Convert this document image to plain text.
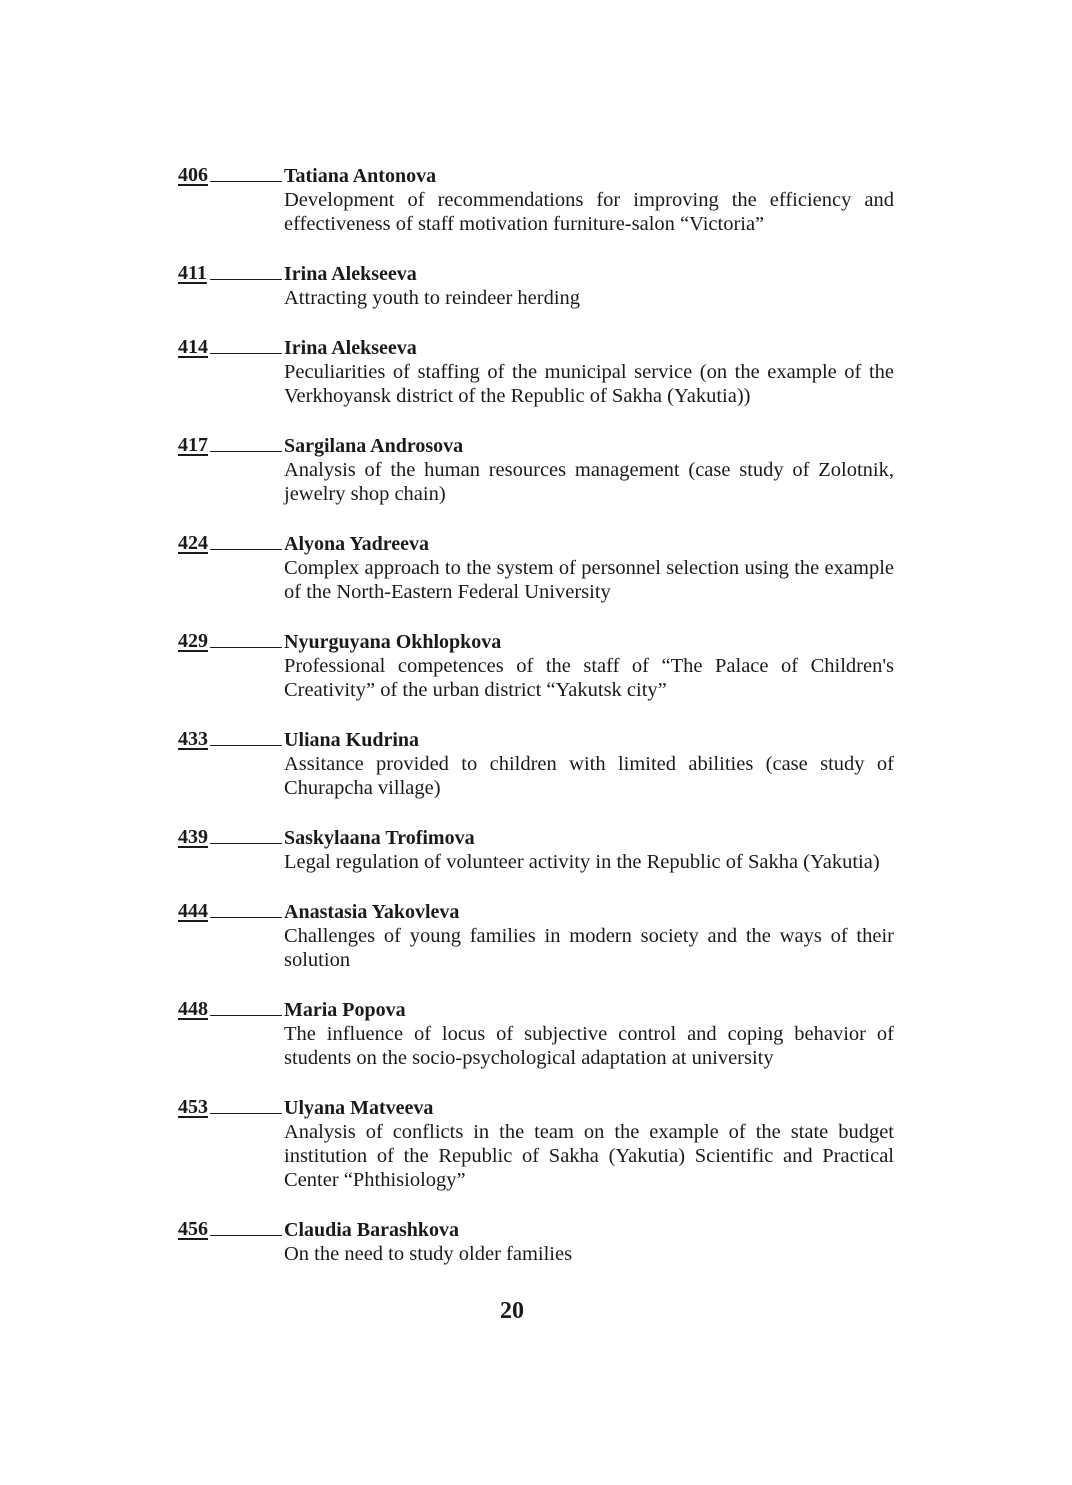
406	Tatiana Antonova
Development of recommendations for improving the efficiency and effectiveness of staff motivation furniture-salon “Victoria”
411	Irina Alekseeva
Attracting youth to reindeer herding
414	Irina Alekseeva
Peculiarities of staffing of the municipal service (on the example of the Verkhoyansk district of the Republic of Sakha (Yakutia))
417	Sargilana Androsova
Analysis of the human resources management (case study of Zolotnik, jewelry shop chain)
424	Alyona Yadreeva
Complex approach to the system of personnel selection using the example of the North-Eastern Federal University
429	Nyurguyana Okhlopkova
Professional competences of the staff of “The Palace of Children's Creativity” of the urban district “Yakutsk city”
433	Uliana Kudrina
Assitance provided to children with limited abilities (case study of Churapcha village)
439	Saskylaana Trofimova
Legal regulation of volunteer activity in the Republic of Sakha (Yakutia)
444	Anastasia Yakovleva
Challenges of young families in modern society and the ways of their solution
448	Maria Popova
The influence of locus of subjective control and coping behavior of students on the socio-psychological adaptation at university
453	Ulyana Matveeva
Analysis of conflicts in the team on the example of the state budget institution of the Republic of Sakha (Yakutia) Scientific and Practical Center “Phthisiology”
456	Claudia Barashkova
On the need to study older families
20
